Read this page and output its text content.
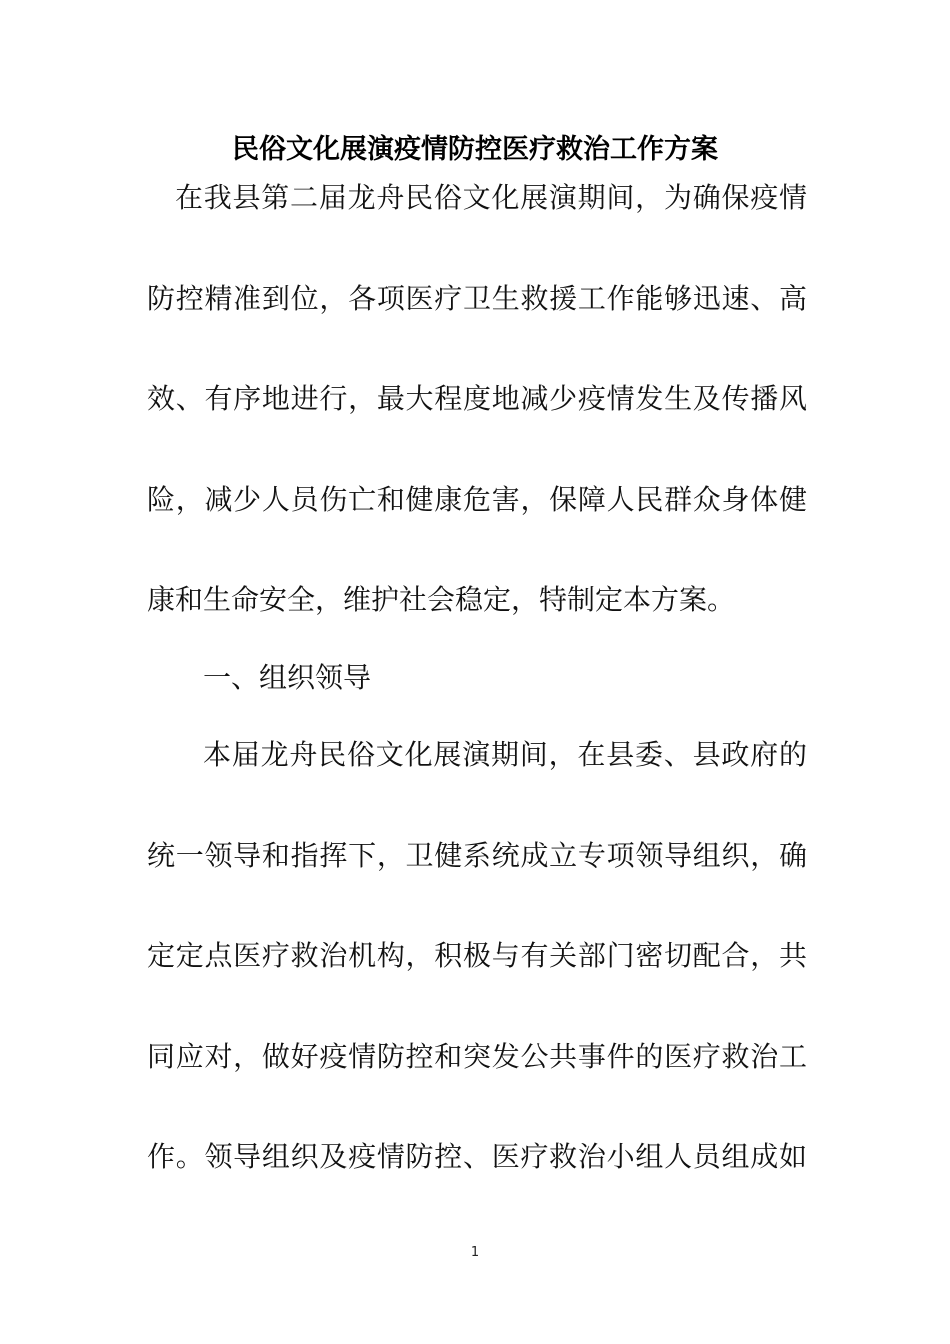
民俗文化展演疫情防控医疗救治工作方案
在我县第二届龙舟民俗文化展演期间，为确保疫情
防控精准到位，各项医疗卫生救援工作能够迅速、高
效、有序地进行，最大程度地减少疫情发生及传播风
险，减少人员伤亡和健康危害，保障人民群众身体健
康和生命安全，维护社会稳定，特制定本方案。
一、组织领导
本届龙舟民俗文化展演期间，在县委、县政府的
统一领导和指挥下，卫健系统成立专项领导组织，确
定定点医疗救治机构，积极与有关部门密切配合，共
同应对，做好疫情防控和突发公共事件的医疗救治工
作。领导组织及疫情防控、医疗救治小组人员组成如
1
